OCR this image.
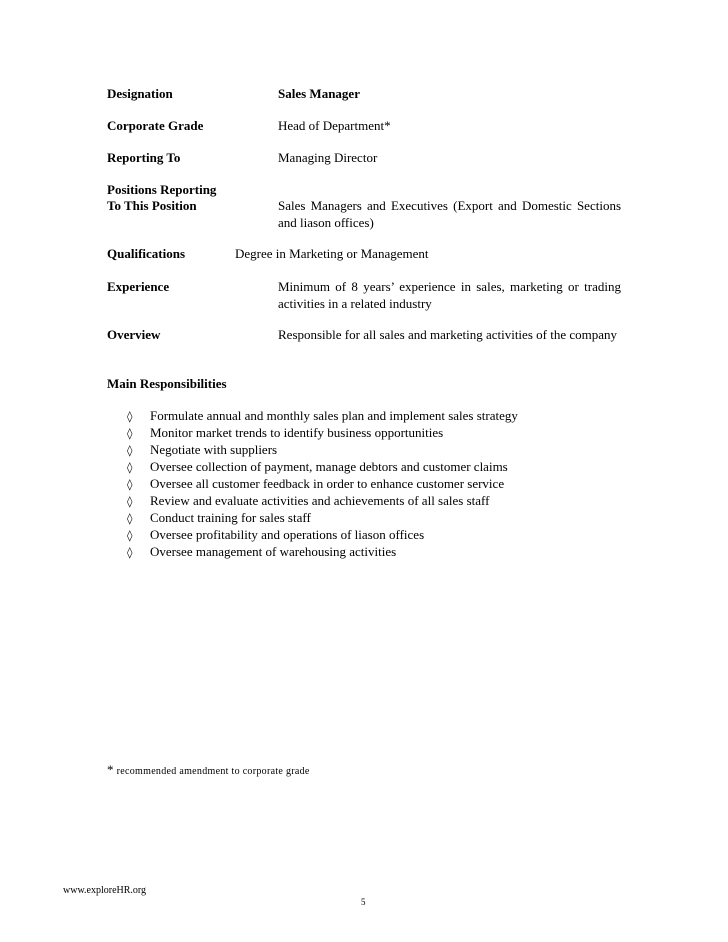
Designation	Sales Manager
Corporate Grade	Head of Department*
Reporting To	Managing Director
Positions Reporting
To This Position	Sales Managers and Executives (Export and Domestic Sections and liason offices)
Qualifications	Degree in Marketing or Management
Experience	Minimum of 8 years’ experience in sales, marketing or trading activities in a related industry
Overview	Responsible for all sales and marketing activities of the company
Main Responsibilities
◊	Formulate annual and monthly sales plan and implement sales strategy
◊	Monitor market trends to identify business opportunities
◊	Negotiate with suppliers
◊	Oversee collection of payment, manage debtors and customer claims
◊	Oversee all customer feedback in order to enhance customer service
◊	Review and evaluate activities and achievements of all sales staff
◊	Conduct training for sales staff
◊	Oversee profitability and operations of liason offices
◊	Oversee management of warehousing activities
* recommended amendment to corporate grade
www.exploreHR.org
5
